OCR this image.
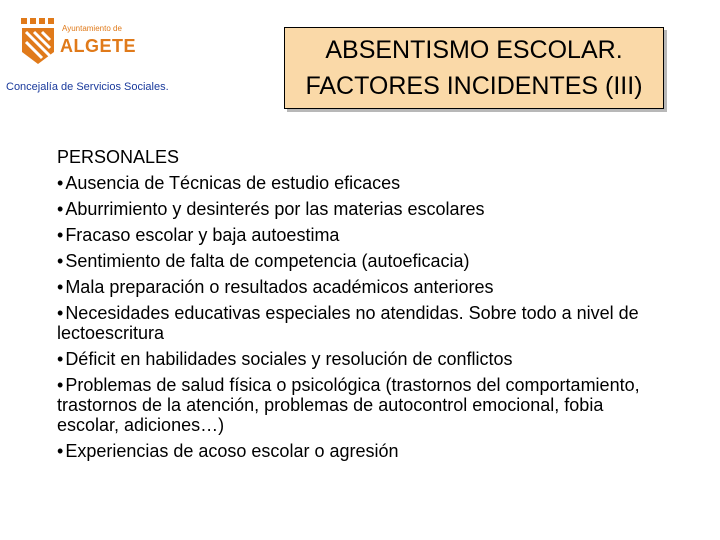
Ayuntamiento de
ALGETE
Concejalía de Servicios Sociales.
ABSENTISMO ESCOLAR.
FACTORES INCIDENTES (III)
PERSONALES
• Ausencia de Técnicas de estudio eficaces
• Aburrimiento y desinterés por las materias escolares
• Fracaso escolar y baja autoestima
• Sentimiento de falta de competencia (autoeficacia)
• Mala preparación o resultados académicos anteriores
• Necesidades educativas especiales no atendidas. Sobre todo a nivel de lectoescritura
• Déficit en habilidades sociales y resolución de conflictos
• Problemas de salud física o psicológica (trastornos del comportamiento, trastornos de la atención, problemas de autocontrol emocional, fobia escolar, adiciones…)
• Experiencias de acoso escolar o agresión
